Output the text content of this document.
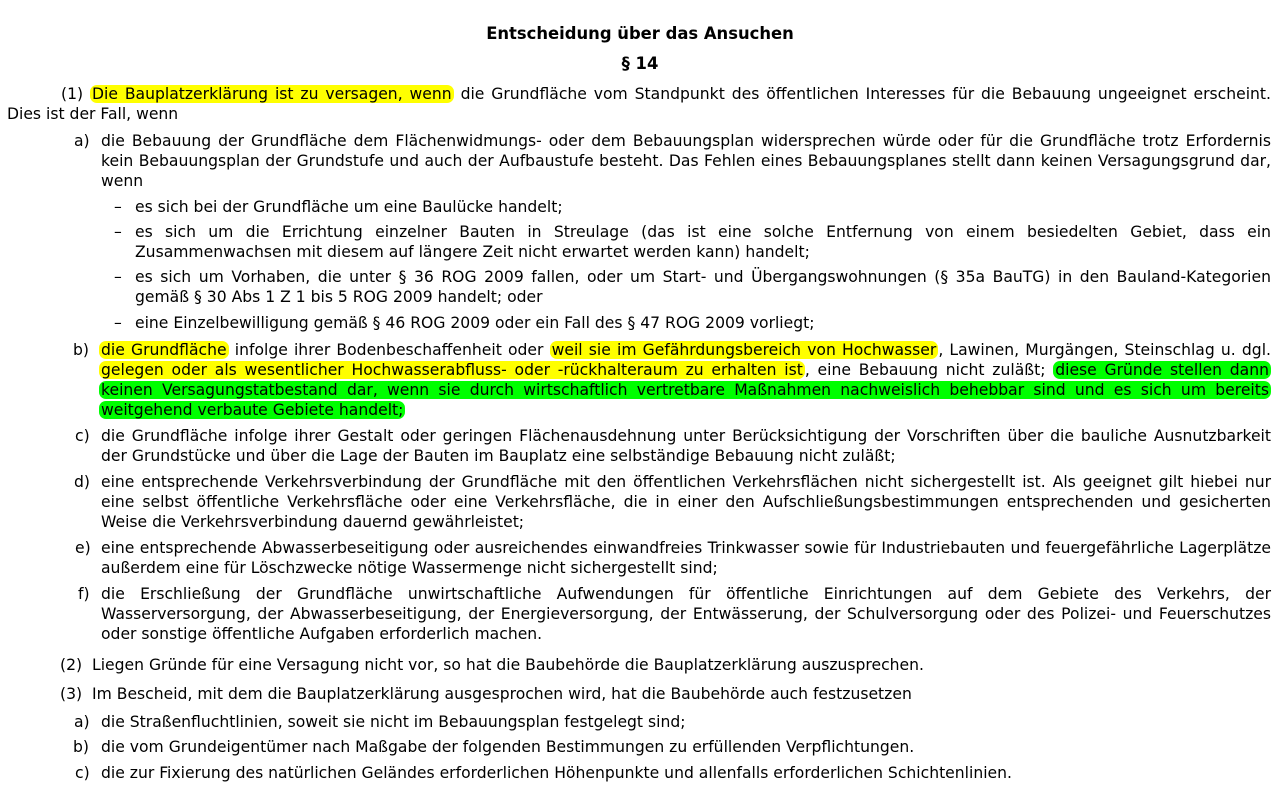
Entscheidung über das Ansuchen
§ 14
(1) Die Bauplatzerklärung ist zu versagen, wenn die Grundfläche vom Standpunkt des öffentlichen Interesses für die Bebauung ungeeignet erscheint. Dies ist der Fall, wenn
a) die Bebauung der Grundfläche dem Flächenwidmungs- oder dem Bebauungsplan widersprechen würde oder für die Grundfläche trotz Erfordernis kein Bebauungsplan der Grundstufe und auch der Aufbaustufe besteht. Das Fehlen eines Bebauungsplanes stellt dann keinen Versagungsgrund dar, wenn
– es sich bei der Grundfläche um eine Baulücke handelt;
– es sich um die Errichtung einzelner Bauten in Streulage (das ist eine solche Entfernung von einem besiedelten Gebiet, dass ein Zusammenwachsen mit diesem auf längere Zeit nicht erwartet werden kann) handelt;
– es sich um Vorhaben, die unter § 36 ROG 2009 fallen, oder um Start- und Übergangswohnungen (§ 35a BauTG) in den Bauland-Kategorien gemäß § 30 Abs 1 Z 1 bis 5 ROG 2009 handelt; oder
– eine Einzelbewilligung gemäß § 46 ROG 2009 oder ein Fall des § 47 ROG 2009 vorliegt;
b) die Grundfläche infolge ihrer Bodenbeschaffenheit oder weil sie im Gefährdungsbereich von Hochwasser , Lawinen, Murgängen, Steinschlag u. dgl. gelegen oder als wesentlicher Hochwasserabfluss- oder -rückhalteraum zu erhalten ist , eine Bebauung nicht zuläßt; diese Gründe stellen dann keinen Versagungstatbestand dar, wenn sie durch wirtschaftlich vertretbare Maßnahmen nachweislich behebbar sind und es sich um bereits weitgehend verbaute Gebiete handelt;
c) die Grundfläche infolge ihrer Gestalt oder geringen Flächenausdehnung unter Berücksichtigung der Vorschriften über die bauliche Ausnutzbarkeit der Grundstücke und über die Lage der Bauten im Bauplatz eine selbständige Bebauung nicht zuläßt;
d) eine entsprechende Verkehrsverbindung der Grundfläche mit den öffentlichen Verkehrsflächen nicht sichergestellt ist. Als geeignet gilt hiebei nur eine selbst öffentliche Verkehrsfläche oder eine Verkehrsfläche, die in einer den Aufschließungsbestimmungen entsprechenden und gesicherten Weise die Verkehrsverbindung dauernd gewährleistet;
e) eine entsprechende Abwasserbeseitigung oder ausreichendes einwandfreies Trinkwasser sowie für Industriebauten und feuergefährliche Lagerplätze außerdem eine für Löschzwecke nötige Wassermenge nicht sichergestellt sind;
f) die Erschließung der Grundfläche unwirtschaftliche Aufwendungen für öffentliche Einrichtungen auf dem Gebiete des Verkehrs, der Wasserversorgung, der Abwasserbeseitigung, der Energieversorgung, der Entwässerung, der Schulversorgung oder des Polizei- und Feuerschutzes oder sonstige öffentliche Aufgaben erforderlich machen.
(2) Liegen Gründe für eine Versagung nicht vor, so hat die Baubehörde die Bauplatzerklärung auszusprechen.
(3) Im Bescheid, mit dem die Bauplatzerklärung ausgesprochen wird, hat die Baubehörde auch festzusetzen
a) die Straßenfluchtlinien, soweit sie nicht im Bebauungsplan festgelegt sind;
b) die vom Grundeigentümer nach Maßgabe der folgenden Bestimmungen zu erfüllenden Verpflichtungen.
c) die zur Fixierung des natürlichen Geländes erforderlichen Höhenpunkte und allenfalls erforderlichen Schichtenlinien.
